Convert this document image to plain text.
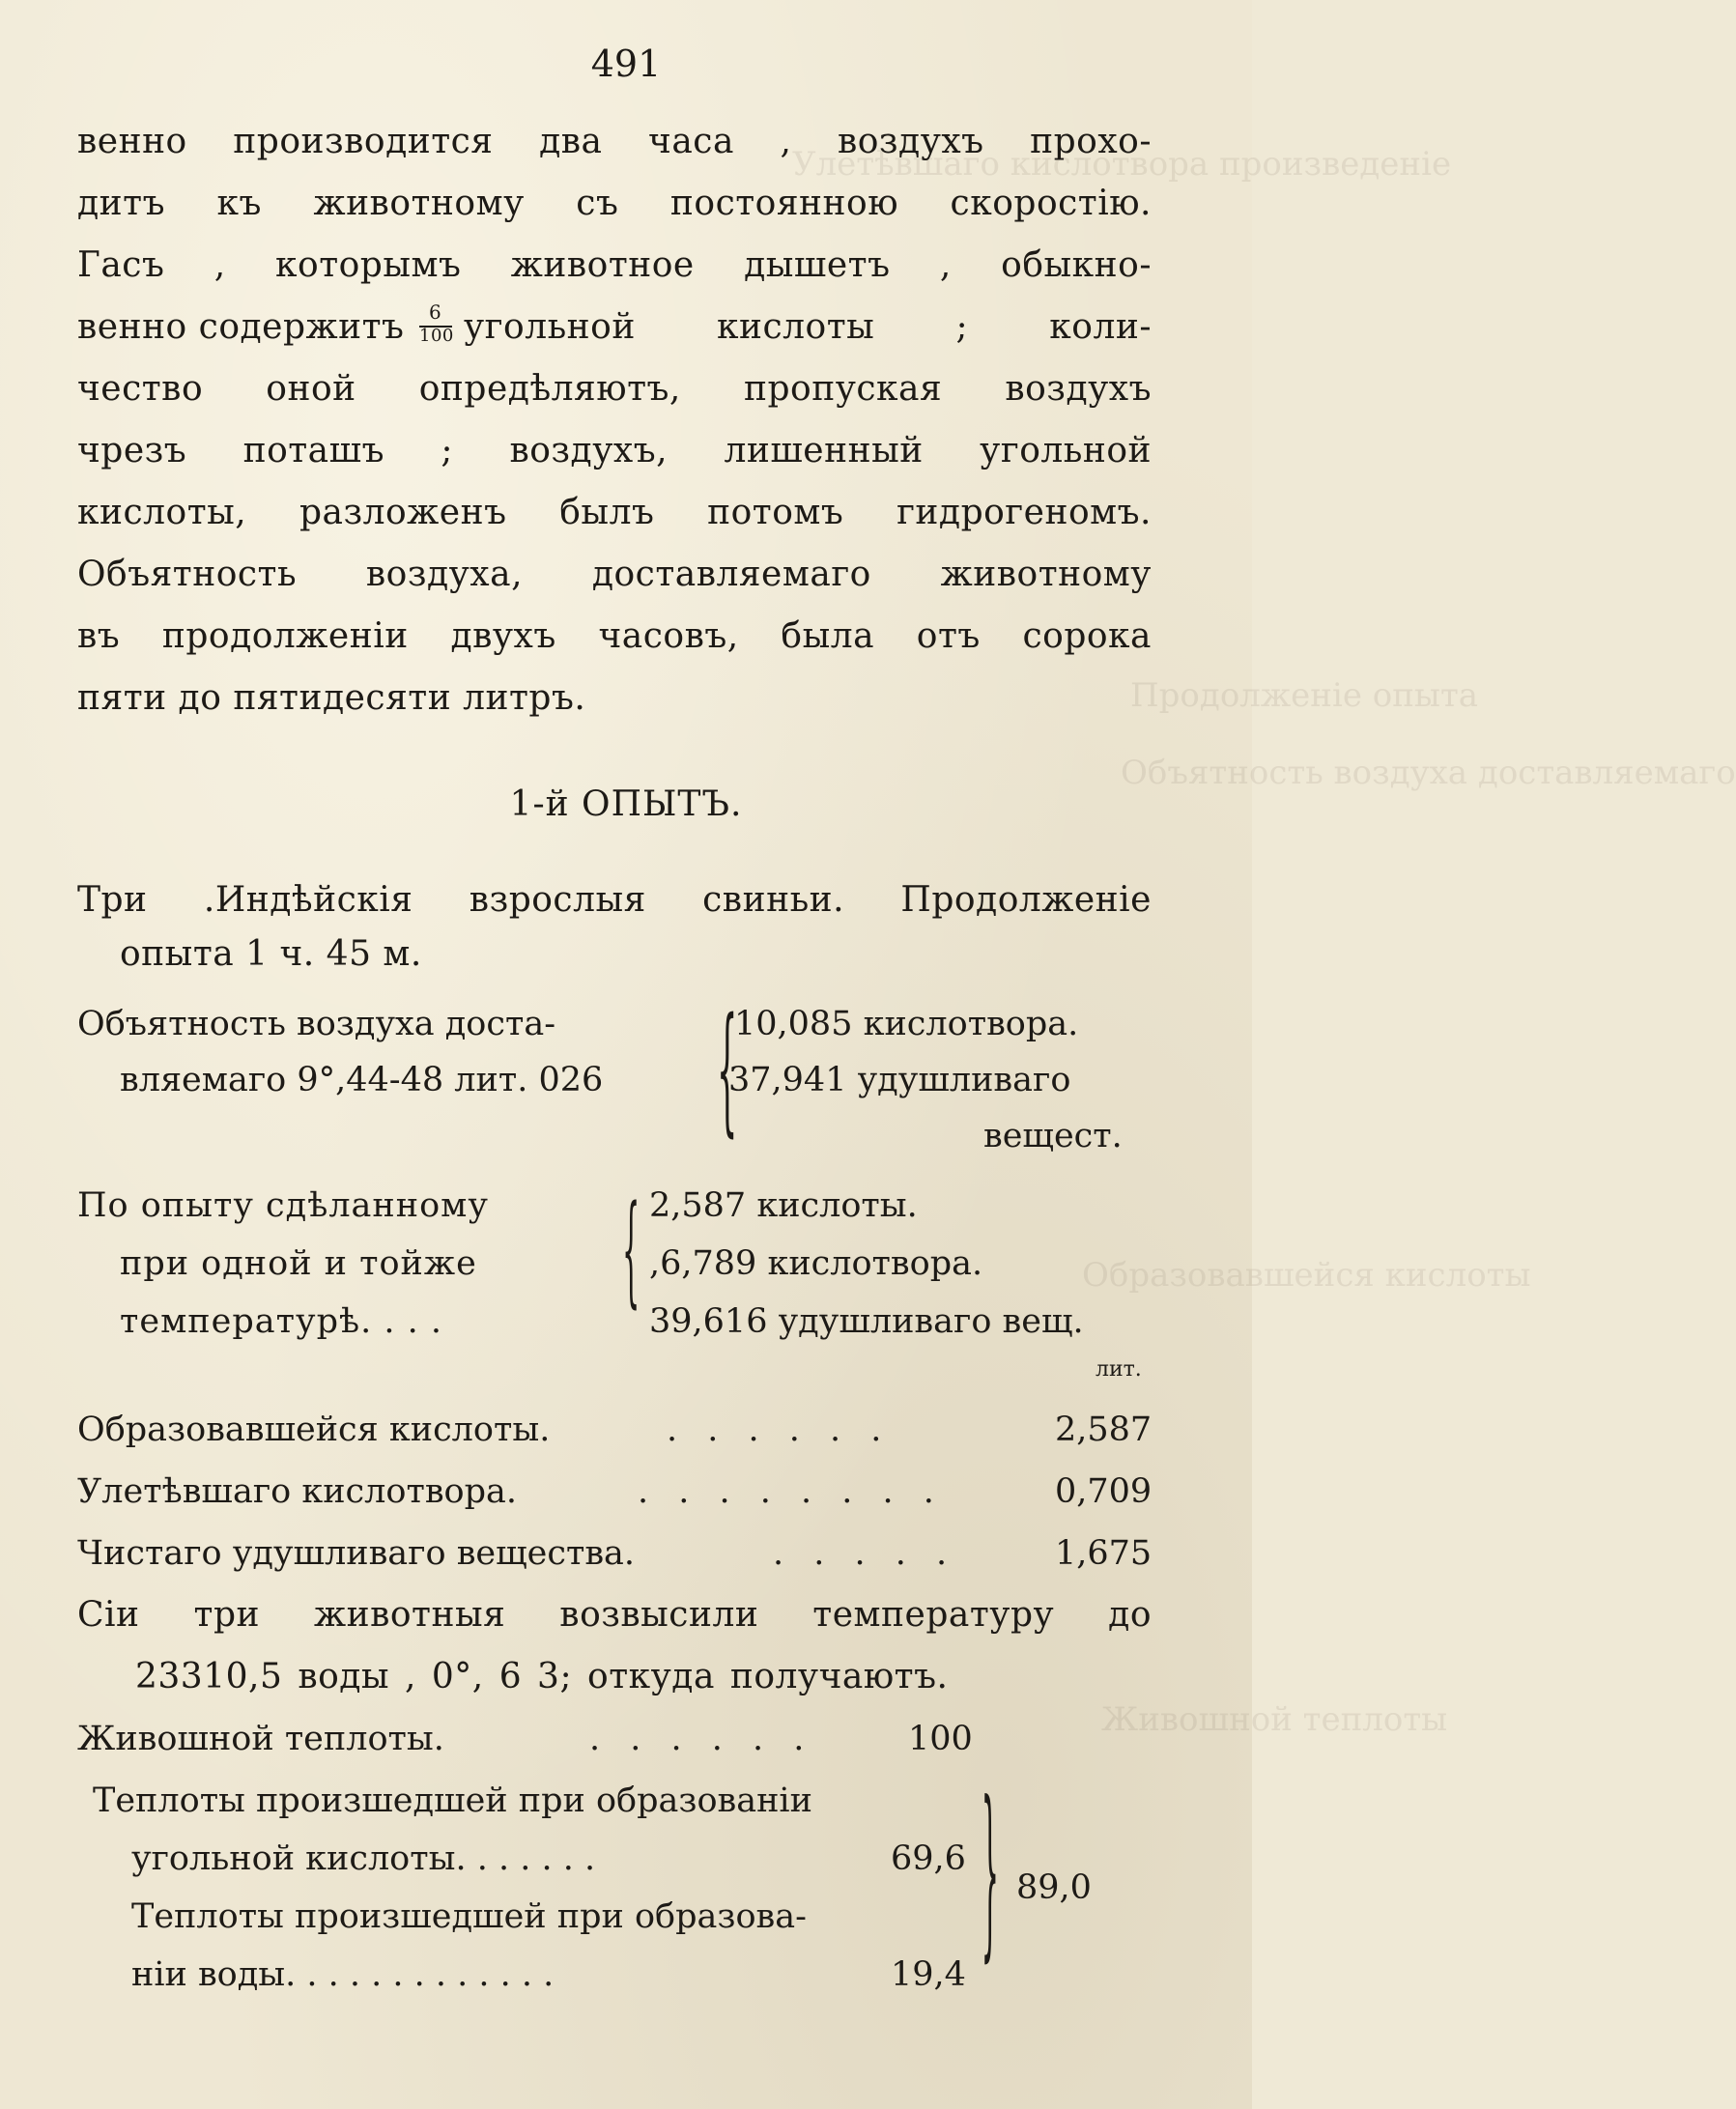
Улетѣвшаго кислотвора произведеніе
Продолженіе опыта
Объятность воздуха доставляемаго
Образовавшейся кислоты
Живошной теплоты
491
венно производится два часа , воздухъ прохо-
дитъ къ животному съ постоянною скоростію.
Гасъ , которымъ животное дышетъ , обыкно-
венно содержитъ 6
100 угольной кислоты ; коли-
чество оной опредѣляютъ, пропуская воздухъ
чрезъ поташъ ; воздухъ, лишенный угольной
кислоты, разложенъ былъ потомъ гидрогеномъ.
Объятность воздуха, доставляемаго животному
въ продолженіи двухъ часовъ, была отъ сорока
пяти до пятидесяти литръ.
1-й ОПЫТЪ.
Три .Индѣйскія взрослыя свиньи. Продолженіе
опыта 1 ч. 45 м.
Объятность воздуха доста-
вляемаго 9°,44-48 лит. 026 {
10,085 кислотвора.
37,941 удушливаго
вещест.
По опыту сдѣланному
при одной и тойже
температурѣ. . . .
{ 2,587 кислоты.
,6,789 кислотвора.
39,616 удушливаго вещ.
лит.
Образовавшейся кислоты.	. . . . . .	2,587
Улетѣвшаго кислотвора.	. . . . . . . .	0,709
Чистаго удушливаго вещества.	. . . . .	1,675
Сіи три животныя возвысили температуру до
23310,5 воды , 0°, 6 3; откуда получаютъ.
Живошной теплоты.	. . . . . .	100
Теплоты произшедшей при образованіи
угольной кислоты. . . . . . .	69,6
Теплоты произшедшей при образова-
ніи воды. . . . . . . . . . . . .	19,4 { 89,0
